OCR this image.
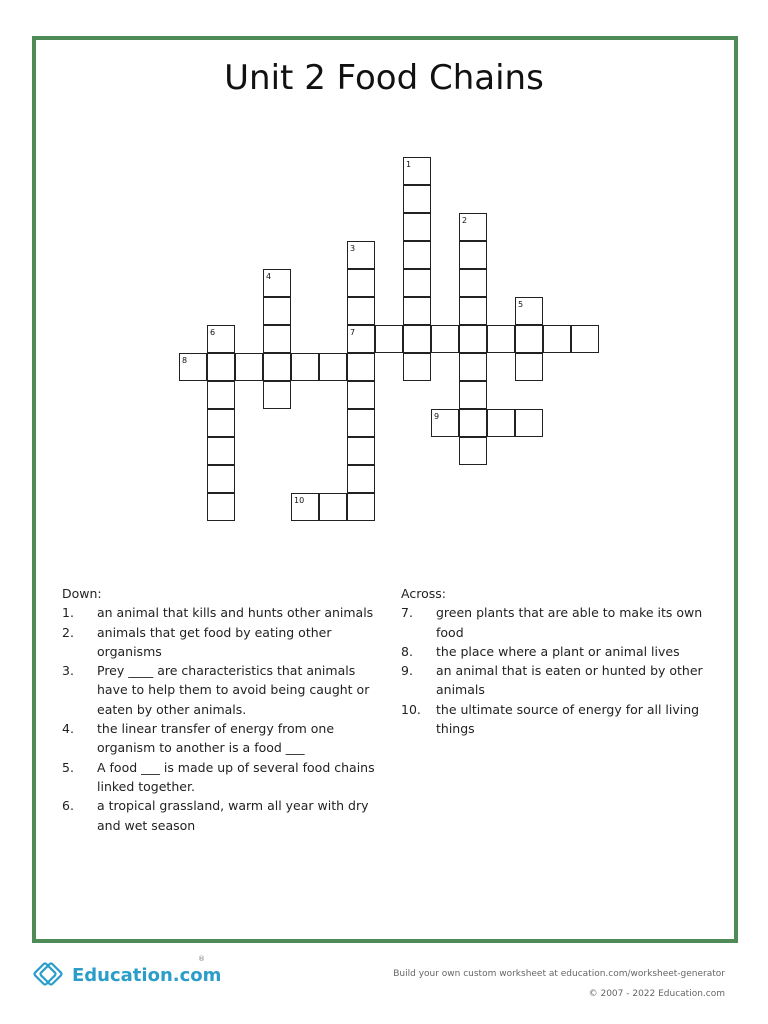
Unit 2 Food Chains
1
2
3
7
4
5
6
8
9
10
Down:
1.	an animal that kills and hunts other animals
2.	animals that get food by eating other organisms
3.	Prey ____ are characteristics that animals have to help them to avoid being caught or eaten by other animals.
4.	the linear transfer of energy from one organism to another is a food ___
5.	A food ___ is made up of several food chains linked together.
6.	a tropical grassland, warm all year with dry and wet season
Across:
7.	green plants that are able to make its own food
8.	the place where a plant or animal lives
9.	an animal that is eaten or hunted by other animals
10.	the ultimate source of energy for all living things
Education.com
®
Build your own custom worksheet at education.com/worksheet-generator
© 2007 - 2022 Education.com
